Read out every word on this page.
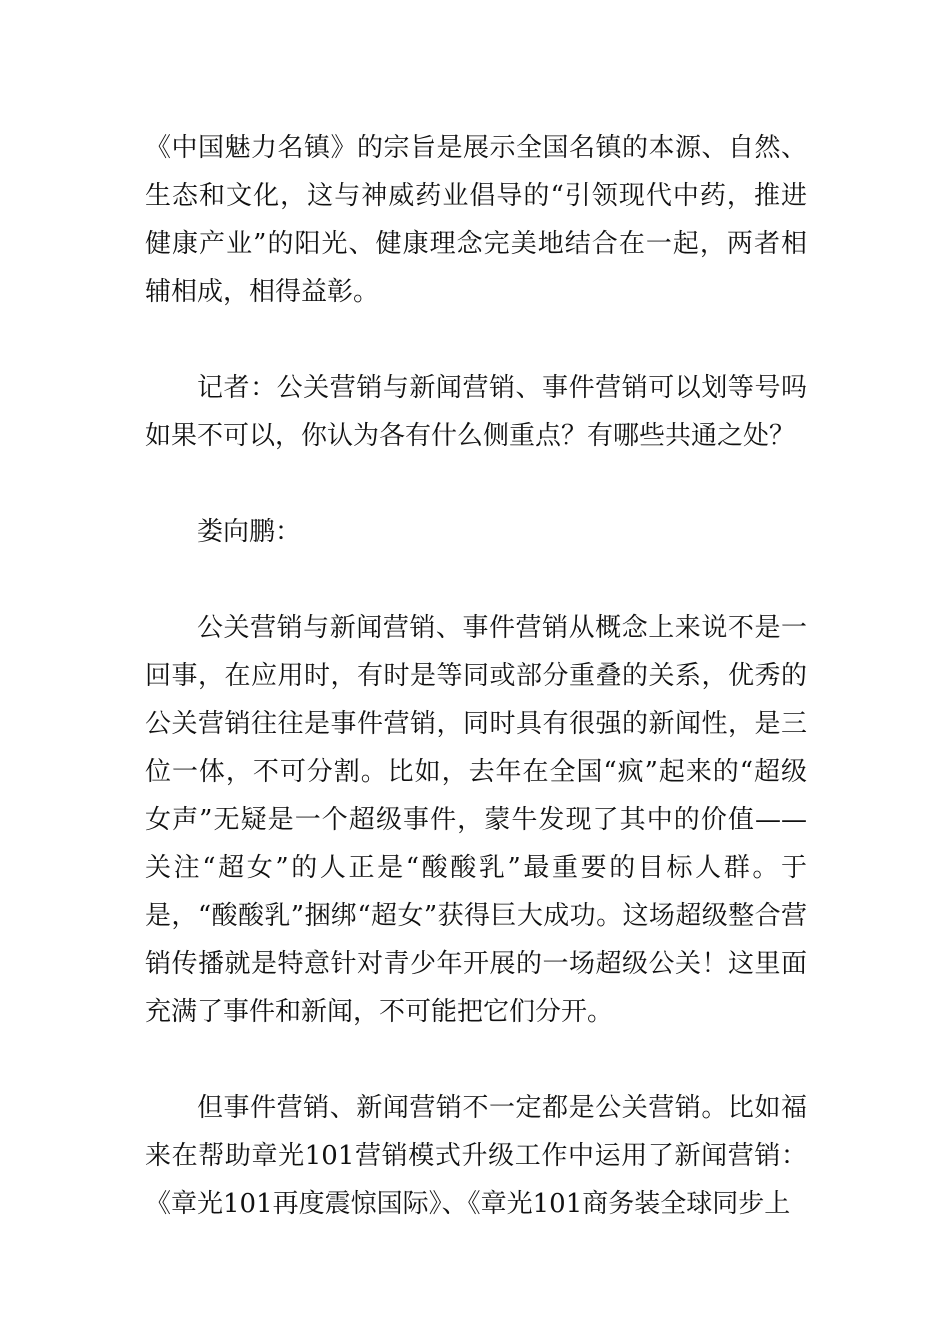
《中国魅力名镇》的宗旨是展示全国名镇的本源、自然、生态和文化，这与神威药业倡导的“引领现代中药，推进健康产业”的阳光、健康理念完美地结合在一起，两者相辅相成，相得益彰。

记者：公关营销与新闻营销、事件营销可以划等号吗如果不可以，你认为各有什么侧重点？有哪些共通之处？

娄向鹏：

公关营销与新闻营销、事件营销从概念上来说不是一回事，在应用时，有时是等同或部分重叠的关系，优秀的公关营销往往是事件营销，同时具有很强的新闻性，是三位一体，不可分割。比如，去年在全国“疯”起来的“超级女声”无疑是一个超级事件，蒙牛发现了其中的价值——关注“超女”的人正是“酸酸乳”最重要的目标人群。于是，“酸酸乳”捆绑“超女”获得巨大成功。这场超级整合营销传播就是特意针对青少年开展的一场超级公关！这里面充满了事件和新闻，不可能把它们分开。

但事件营销、新闻营销不一定都是公关营销。比如福来在帮助章光101营销模式升级工作中运用了新闻营销：《章光101再度震惊国际》、《章光101商务装全球同步上
